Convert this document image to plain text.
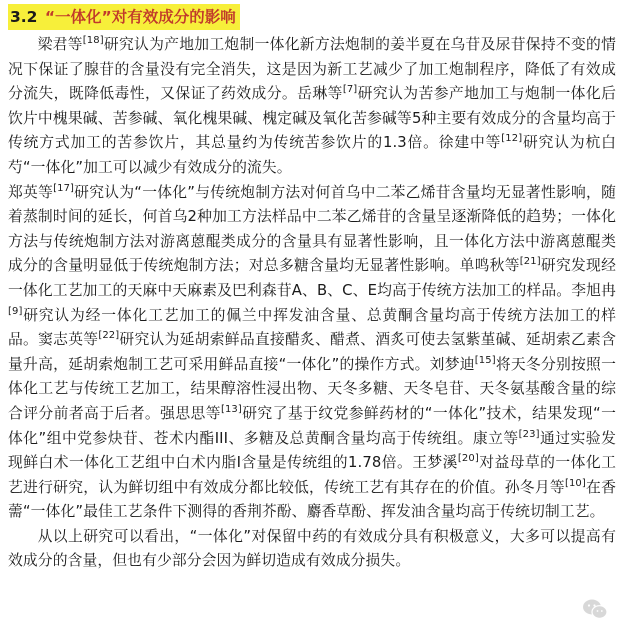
3.2 “一体化”对有效成分的影响

梁君等[18]研究认为产地加工炮制一体化新方法炮制的姜半夏在乌苷及尿苷保持不变的情况下保证了腺苷的含量没有完全消失，这是因为新工艺减少了加工炮制程序，降低了有效成分流失，既降低毒性，又保证了药效成分。岳琳等[7]研究认为苦参产地加工与炮制一体化后饮片中槐果碱、苦参碱、氧化槐果碱、槐定碱及氧化苦参碱等5种主要有效成分的含量均高于传统方式加工的苦参饮片，其总量约为传统苦参饮片的1.3倍。徐建中等[12]研究认为杭白芍“一体化”加工可以减少有效成分的流失。

郑英等[17]研究认为“一体化”与传统炮制方法对何首乌中二苯乙烯苷含量均无显著性影响，随着蒸制时间的延长，何首乌2种加工方法样品中二苯乙烯苷的含量呈逐渐降低的趋势；一体化方法与传统炮制方法对游离蒽醌类成分的含量具有显著性影响，且一体化方法中游离蒽醌类成分的含量明显低于传统炮制方法；对总多糖含量均无显著性影响。单鸣秋等[21]研究发现经一体化工艺加工的天麻中天麻素及巴利森苷A、B、C、E均高于传统方法加工的样品。李旭冉[9]研究认为经一体化工艺加工的佩兰中挥发油含量、总黄酮含量均高于传统方法加工的样品。窦志英等[22]研究认为延胡索鲜品直接醋炙、醋煮、酒炙可使去氢紫堇碱、延胡索乙素含量升高，延胡索炮制工艺可采用鲜品直接“一体化”的操作方式。刘梦迪[15]将天冬分别按照一体化工艺与传统工艺加工，结果醇溶性浸出物、天冬多糖、天冬皂苷、天冬氨基酸含量的综合评分前者高于后者。强思思等[13]研究了基于纹党参鲜药材的“一体化”技术，结果发现“一体化”组中党参炔苷、苍术内酯III、多糖及总黄酮含量均高于传统组。康立等[23]通过实验发现鲜白术一体化工艺组中白术内脂I含量是传统组的1.78倍。王梦溪[20]对益母草的一体化工艺进行研究，认为鲜切组中有效成分都比较低，传统工艺有其存在的价值。孙冬月等[10]在香薷“一体化”最佳工艺条件下测得的香荆芥酚、麝香草酚、挥发油含量均高于传统切制工艺。

从以上研究可以看出，“一体化”对保留中药的有效成分具有积极意义，大多可以提高有效成分的含量，但也有少部分会因为鲜切造成有效成分损失。
